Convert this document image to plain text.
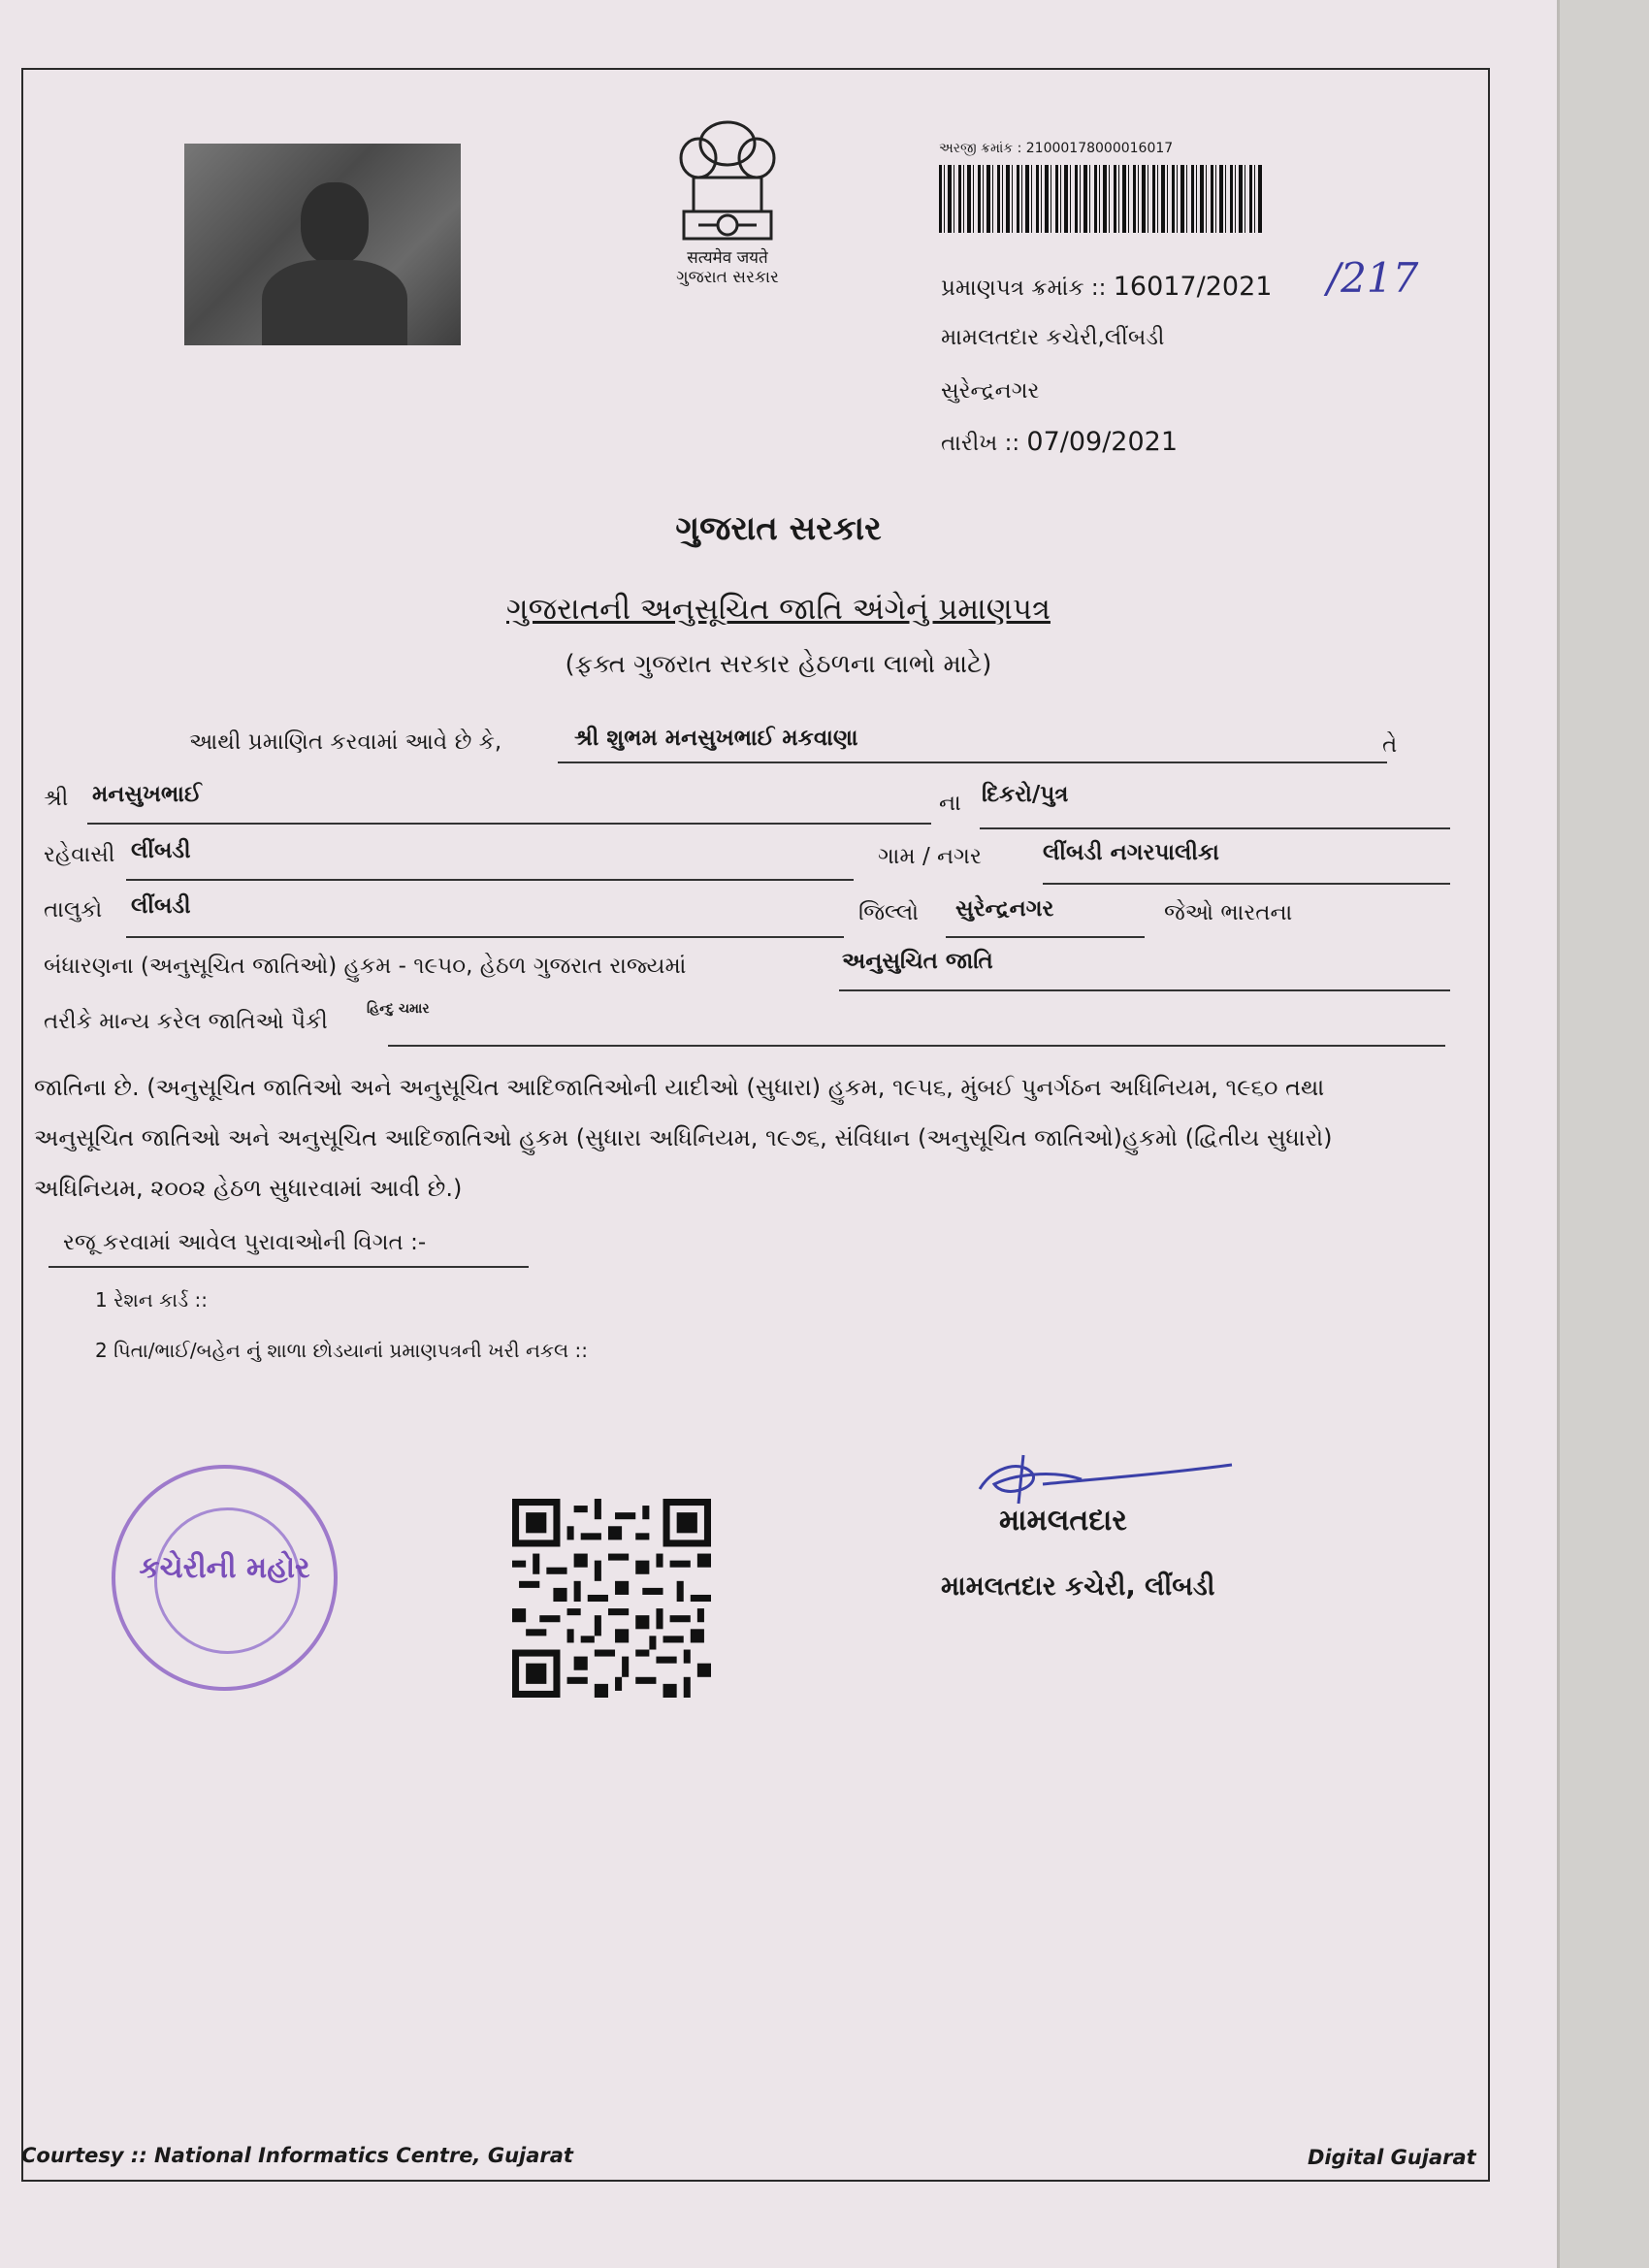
सत्यमेव जयते
ગુજરાત સરકાર
અરજી ક્રમાંક : 21000178000016017
પ્રમાણપત્ર ક્રમાંક :: 16017/2021 /217
મામલતદાર કચેરી,લીંબડી
સુરેન્દ્રનગર
તારીખ :: 07/09/2021
ગુજરાત સરકાર
ગુજરાતની અનુસૂચિત જાતિ અંગેનું પ્રમાણપત્ર
(ફક્ત ગુજરાત સરકાર હેઠળના લાભો માટે)
આથી પ્રમાણિત કરવામાં આવે છે કે,	શ્રી શુભમ મનસુખભાઈ મકવાણા	તે
શ્રી મનસુખભાઈ	ના દિકરો/પુત્ર
રહેવાસી લીંબડી	ગામ / નગર	લીંબડી નગરપાલીકા
તાલુકો લીંબડી	જિલ્લો સુરેન્દ્રનગર	જેઓ ભારતના
બંધારણના (અનુસૂચિત જાતિઓ) હુકમ - ૧૯૫૦, હેઠળ ગુજરાત રાજ્યમાં	અનુસુચિત જાતિ
તરીકે માન્ય કરેલ જાતિઓ પૈકી	હિન્દુ ચમાર
જાતિના છે. (અનુસૂચિત જાતિઓ અને અનુસૂચિત આદિજાતિઓની યાદીઓ (સુધારા) હુકમ, ૧૯૫૬, મુંબઈ પુનર્ગઠન અધિનિયમ, ૧૯૬૦ તથા
અનુસૂચિત જાતિઓ અને અનુસૂચિત આદિજાતિઓ હુકમ (સુધારા અધિનિયમ, ૧૯૭૬, સંવિધાન (અનુસૂચિત જાતિઓ)હુકમો (દ્વિતીય સુધારો)
અધિનિયમ, ૨૦૦૨ હેઠળ સુધારવામાં આવી છે.)
રજૂ કરવામાં આવેલ પુરાવાઓની વિગત :-
1 રેશન કાર્ડ ::
2 પિતા/ભાઈ/બહેન નું શાળા છોડયાનાં પ્રમાણપત્રની ખરી નકલ ::
કચેરીની મહોર
મામલતદાર
મામલતદાર કચેરી, લીંબડી
Courtesy :: National Informatics Centre, Gujarat	Digital Gujarat
